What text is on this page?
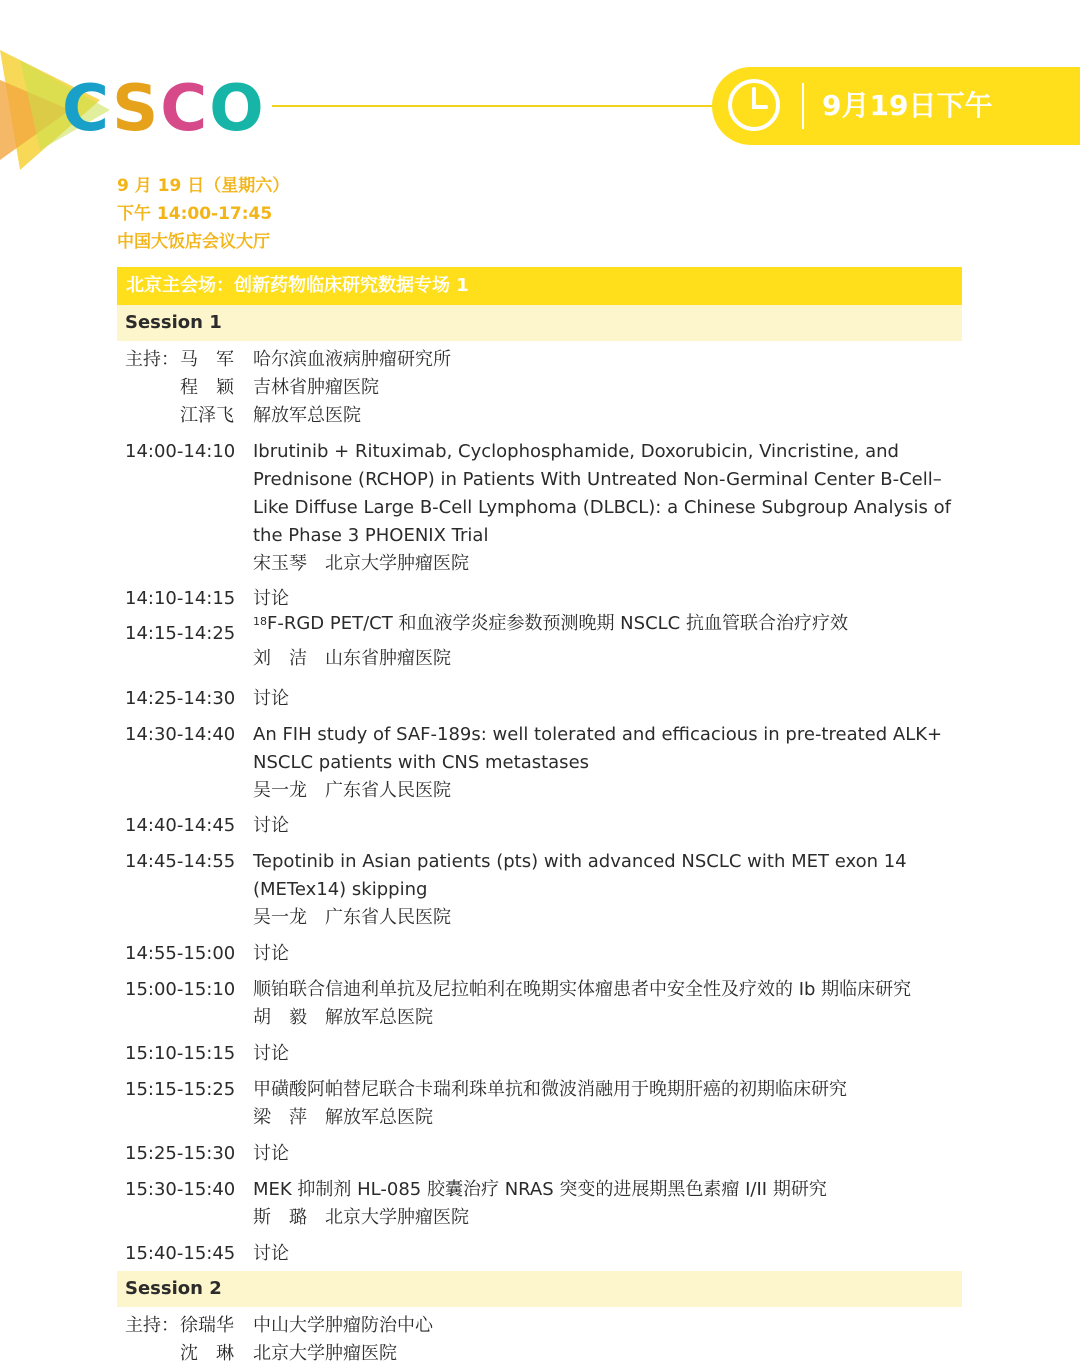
CSCO	9月19日下午
9 月 19 日（星期六）
下午 14:00-17:45
中国大饭店会议大厅
北京主会场：创新药物临床研究数据专场 1
Session 1
主持： 马　军 哈尔滨血液病肿瘤研究所
程　颖 吉林省肿瘤医院
江泽飞 解放军总医院
14:00-14:10 Ibrutinib + Rituximab, Cyclophosphamide, Doxorubicin, Vincristine, and Prednisone (RCHOP) in Patients With Untreated Non-Germinal Center B-Cell–Like Diffuse Large B-Cell Lymphoma (DLBCL): a Chinese Subgroup Analysis of the Phase 3 PHOENIX Trial
宋玉琴　北京大学肿瘤医院
14:10-14:15 讨论
14:15-14:25
$^{18}$F-RGD PET/CT 和血液学炎症参数预测晚期 NSCLC 抗血管联合治疗疗效
刘　洁　山东省肿瘤医院
14:25-14:30 讨论
14:30-14:40 An FIH study of SAF-189s: well tolerated and efficacious in pre-treated ALK+ NSCLC patients with CNS metastases
吴一龙　广东省人民医院
14:40-14:45 讨论
14:45-14:55 Tepotinib in Asian patients (pts) with advanced NSCLC with MET exon 14 (METex14) skipping
吴一龙　广东省人民医院
14:55-15:00 讨论
15:00-15:10 顺铂联合信迪利单抗及尼拉帕利在晚期实体瘤患者中安全性及疗效的 Ib 期临床研究
胡　毅　解放军总医院
15:10-15:15 讨论
15:15-15:25 甲磺酸阿帕替尼联合卡瑞利珠单抗和微波消融用于晚期肝癌的初期临床研究
梁　萍　解放军总医院
15:25-15:30 讨论
15:30-15:40 MEK 抑制剂 HL-085 胶囊治疗 NRAS 突变的进展期黑色素瘤 I/II 期研究
斯　璐　北京大学肿瘤医院
15:40-15:45 讨论
Session 2
主持： 徐瑞华 中山大学肿瘤防治中心
沈　琳 北京大学肿瘤医院
